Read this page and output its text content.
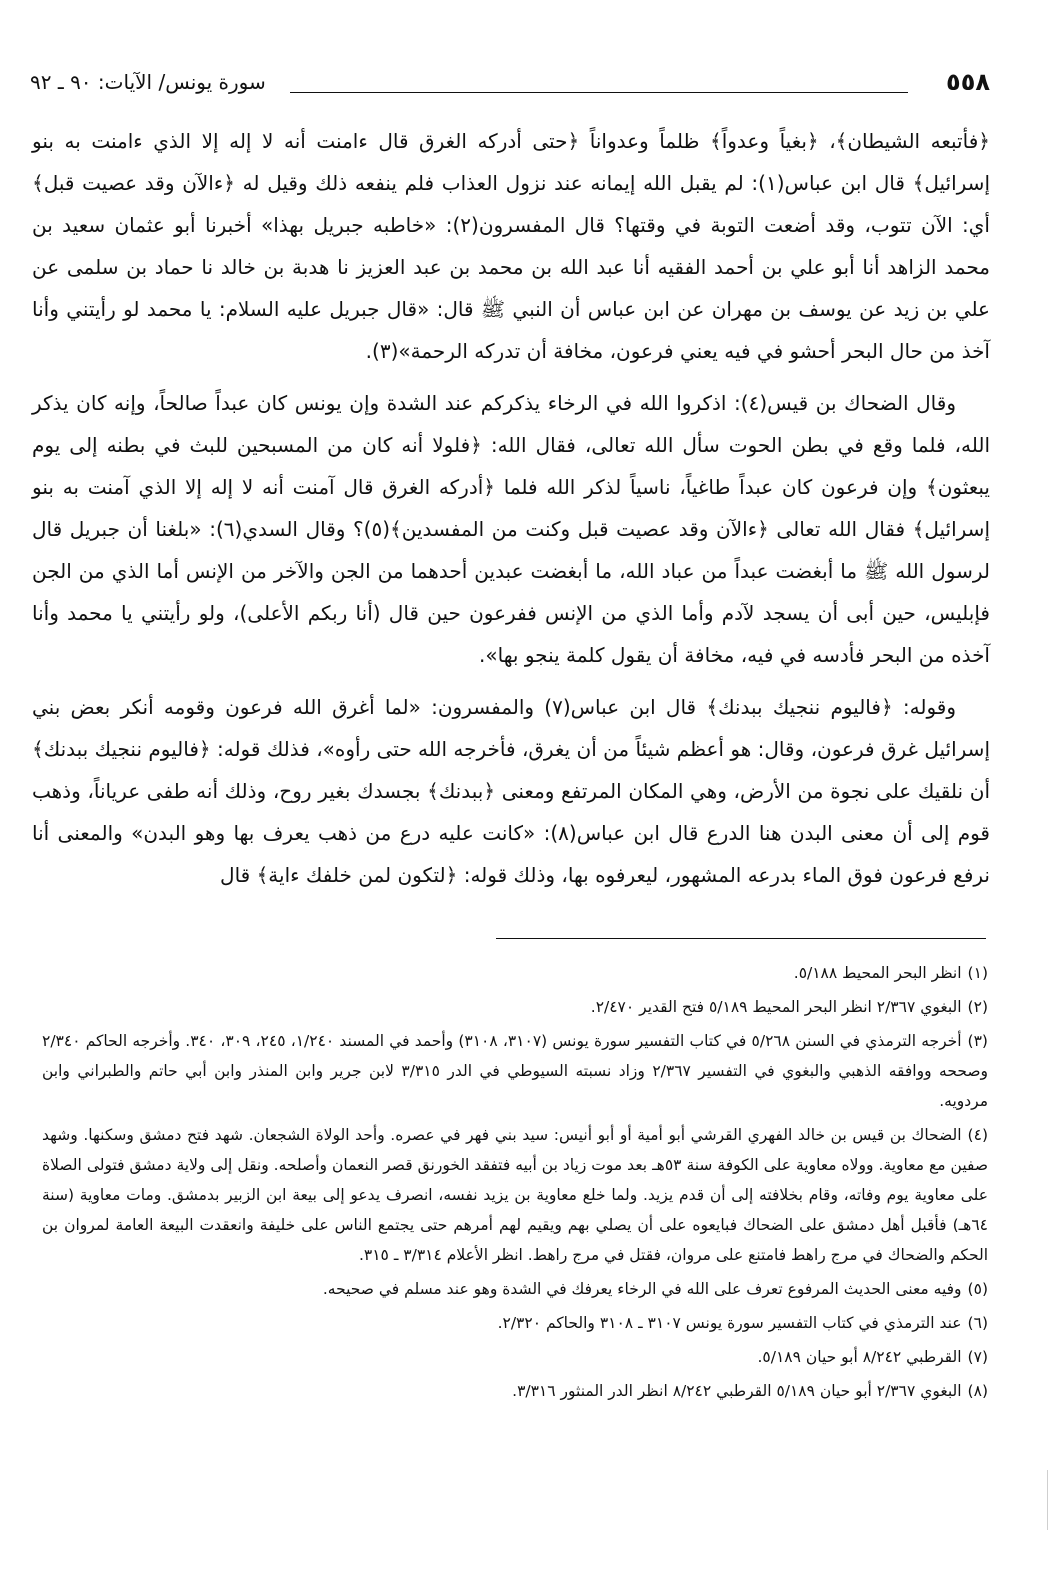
٥٥٨
سورة يونس/ الآيات: ٩٠ ـ ٩٢

﴿فأتبعه الشيطان﴾، ﴿بغياً وعدواً﴾ ظلماً وعدواناً ﴿حتى أدركه الغرق قال ءامنت أنه لا إله إلا الذي ءامنت به بنو إسرائيل﴾ قال ابن عباس(١): لم يقبل الله إيمانه عند نزول العذاب فلم ينفعه ذلك وقيل له ﴿ءالآن وقد عصيت قبل﴾ أي: الآن تتوب، وقد أضعت التوبة في وقتها؟ قال المفسرون(٢): «خاطبه جبريل بهذا» أخبرنا أبو عثمان سعيد بن محمد الزاهد أنا أبو علي بن أحمد الفقيه أنا عبد الله بن محمد بن عبد العزيز نا هدبة بن خالد نا حماد بن سلمى عن علي بن زيد عن يوسف بن مهران عن ابن عباس أن النبي ﷺ قال: «قال جبريل عليه السلام: يا محمد لو رأيتني وأنا آخذ من حال البحر أحشو في فيه يعني فرعون، مخافة أن تدركه الرحمة»(٣).

وقال الضحاك بن قيس(٤): اذكروا الله في الرخاء يذكركم عند الشدة وإن يونس كان عبداً صالحاً، وإنه كان يذكر الله، فلما وقع في بطن الحوت سأل الله تعالى، فقال الله: ﴿فلولا أنه كان من المسبحين للبث في بطنه إلى يوم يبعثون﴾ وإن فرعون كان عبداً طاغياً، ناسياً لذكر الله فلما ﴿أدركه الغرق قال آمنت أنه لا إله إلا الذي آمنت به بنو إسرائيل﴾ فقال الله تعالى ﴿ءالآن وقد عصيت قبل وكنت من المفسدين﴾(٥)؟ وقال السدي(٦): «بلغنا أن جبريل قال لرسول الله ﷺ ما أبغضت عبداً من عباد الله، ما أبغضت عبدين أحدهما من الجن والآخر من الإنس أما الذي من الجن فإبليس، حين أبى أن يسجد لآدم وأما الذي من الإنس ففرعون حين قال (أنا ربكم الأعلى)، ولو رأيتني يا محمد وأنا آخذه من البحر فأدسه في فيه، مخافة أن يقول كلمة ينجو بها».

وقوله: ﴿فاليوم ننجيك ببدنك﴾ قال ابن عباس(٧) والمفسرون: «لما أغرق الله فرعون وقومه أنكر بعض بني إسرائيل غرق فرعون، وقال: هو أعظم شيئاً من أن يغرق، فأخرجه الله حتى رأوه»، فذلك قوله: ﴿فاليوم ننجيك ببدنك﴾ أن نلقيك على نجوة من الأرض، وهي المكان المرتفع ومعنى ﴿ببدنك﴾ بجسدك بغير روح، وذلك أنه طفى عرياناً، وذهب قوم إلى أن معنى البدن هنا الدرع قال ابن عباس(٨): «كانت عليه درع من ذهب يعرف بها وهو البدن» والمعنى أنا نرفع فرعون فوق الماء بدرعه المشهور، ليعرفوه بها، وذلك قوله: ﴿لتكون لمن خلفك ءاية﴾ قال

(١)انظر البحر المحيط ٥/١٨٨.
(٢)البغوي ٢/٣٦٧ انظر البحر المحيط ٥/١٨٩ فتح القدير ٢/٤٧٠.
(٣)أخرجه الترمذي في السنن ٥/٢٦٨ في كتاب التفسير سورة يونس (٣١٠٧، ٣١٠٨) وأحمد في المسند ١/٢٤٠، ٢٤٥، ٣٠٩، ٣٤٠. وأخرجه الحاكم ٢/٣٤٠ وصححه ووافقه الذهبي والبغوي في التفسير ٢/٣٦٧ وزاد نسبته السيوطي في الدر ٣/٣١٥ لابن جرير وابن المنذر وابن أبي حاتم والطبراني وابن مردويه.
(٤)الضحاك بن قيس بن خالد الفهري القرشي أبو أمية أو أبو أنيس: سيد بني فهر في عصره. وأحد الولاة الشجعان. شهد فتح دمشق وسكنها. وشهد صفين مع معاوية. وولاه معاوية على الكوفة سنة ٥٣هـ بعد موت زياد بن أبيه فتفقد الخورنق قصر النعمان وأصلحه. ونقل إلى ولاية دمشق فتولى الصلاة على معاوية يوم وفاته، وقام بخلافته إلى أن قدم يزيد. ولما خلع معاوية بن يزيد نفسه، انصرف يدعو إلى بيعة ابن الزبير بدمشق. ومات معاوية (سنة ٦٤هـ) فأقبل أهل دمشق على الضحاك فبايعوه على أن يصلي بهم ويقيم لهم أمرهم حتى يجتمع الناس على خليفة وانعقدت البيعة العامة لمروان بن الحكم والضحاك في مرج راهط فامتنع على مروان، فقتل في مرج راهط. انظر الأعلام ٣/٣١٤ ـ ٣١٥.
(٥)وفيه معنى الحديث المرفوع تعرف على الله في الرخاء يعرفك في الشدة وهو عند مسلم في صحيحه.
(٦)عند الترمذي في كتاب التفسير سورة يونس ٣١٠٧ ـ ٣١٠٨ والحاكم ٢/٣٢٠.
(٧)القرطبي ٨/٢٤٢ أبو حيان ٥/١٨٩.
(٨)البغوي ٢/٣٦٧ أبو حيان ٥/١٨٩ القرطبي ٨/٢٤٢ انظر الدر المنثور ٣/٣١٦.
